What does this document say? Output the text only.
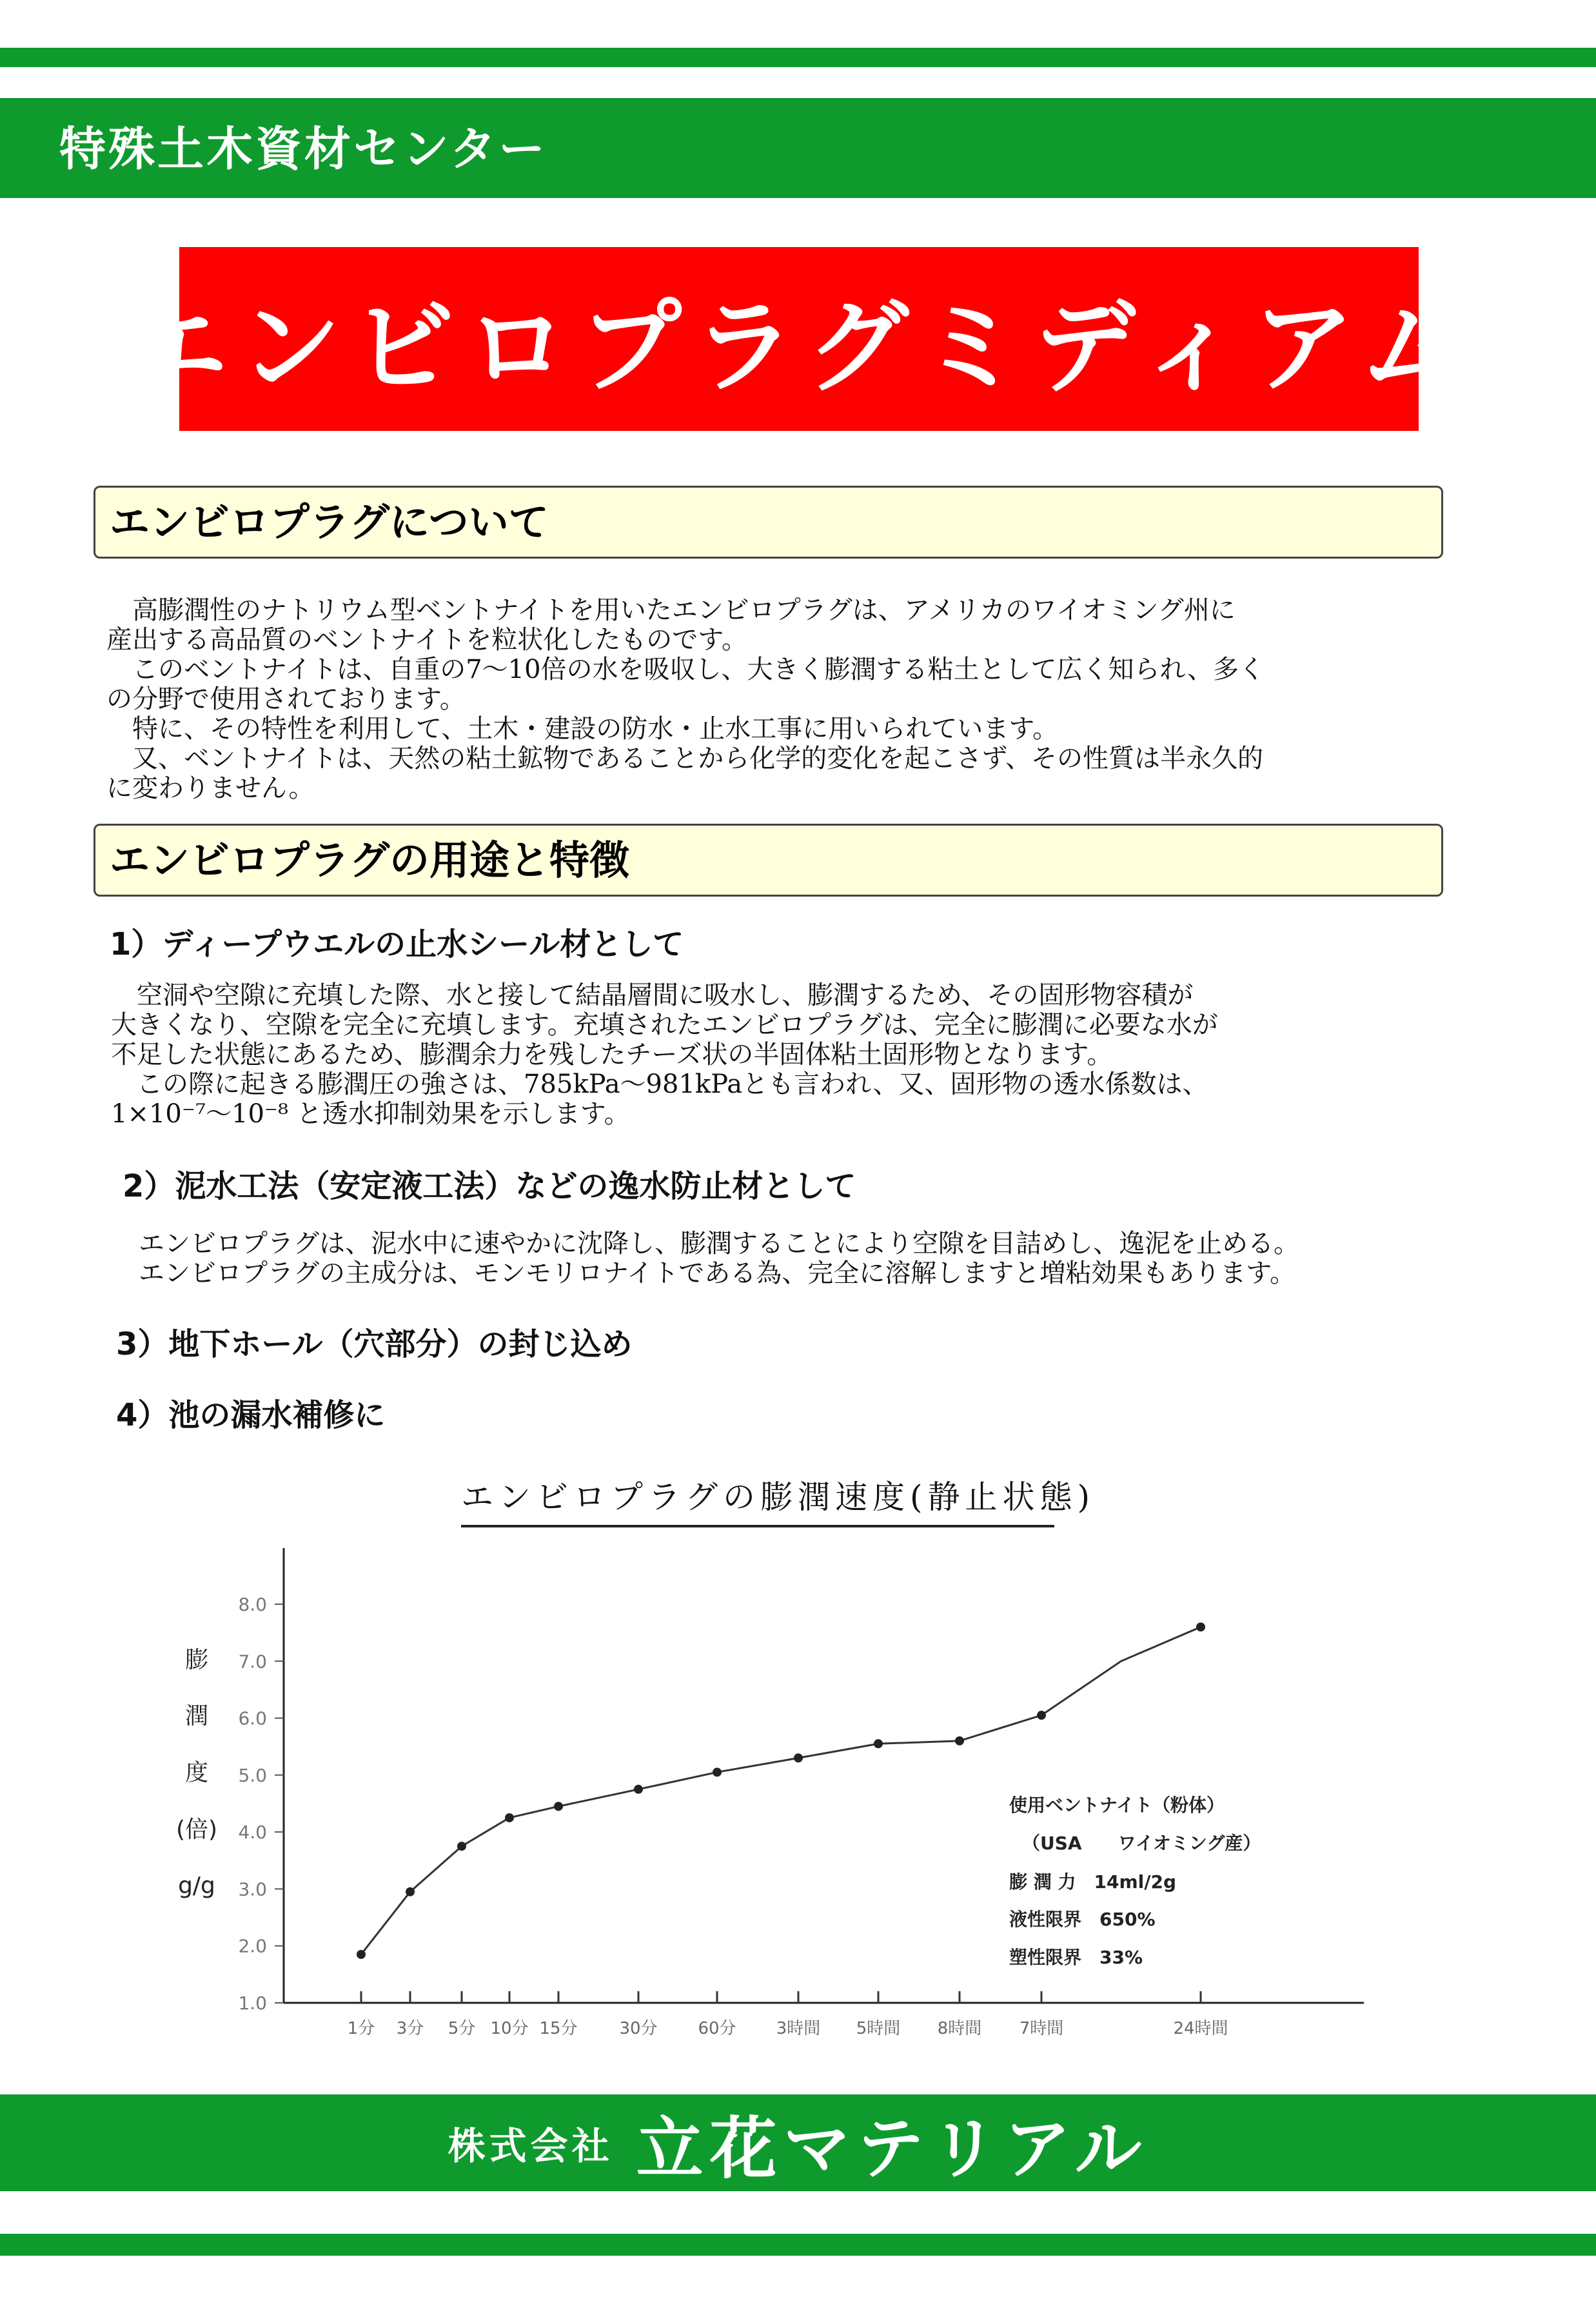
特殊土木資材センター
エンビロプラグミディアム
エンビロプラグについて
　高膨潤性のナトリウム型ベントナイトを用いたエンビロプラグは、アメリカのワイオミング州に
産出する高品質のベントナイトを粒状化したものです。
　このベントナイトは、自重の7〜10倍の水を吸収し、大きく膨潤する粘土として広く知られ、多く
の分野で使用されております。
　特に、その特性を利用して、土木・建設の防水・止水工事に用いられています。
　又、ベントナイトは、天然の粘土鉱物であることから化学的変化を起こさず、その性質は半永久的
に変わりません。
エンビロプラグの用途と特徴
1）ディープウエルの止水シール材として
　空洞や空隙に充填した際、水と接して結晶層間に吸水し、膨潤するため、その固形物容積が
大きくなり、空隙を完全に充填します。充填されたエンビロプラグは、完全に膨潤に必要な水が
不足した状態にあるため、膨潤余力を残したチーズ状の半固体粘土固形物となります。
　この際に起きる膨潤圧の強さは、785kPa〜981kPaとも言われ、又、固形物の透水係数は、
1×10⁻⁷〜10⁻⁸ と透水抑制効果を示します。
2）泥水工法（安定液工法）などの逸水防止材として
エンビロプラグは、泥水中に速やかに沈降し、膨潤することにより空隙を目詰めし、逸泥を止める。
エンビロプラグの主成分は、モンモリロナイトである為、完全に溶解しますと増粘効果もあります。
3）地下ホール（穴部分）の封じ込め
4）池の漏水補修に
エンビロプラグの膨潤速度(静止状態)
8.0
7.0
6.0
5.0
4.0
3.0
2.0
1.0
膨
潤
度
(倍)
g/g
1分 3分 5分 10分 15分 30分 60分 3時間 5時間 8時間 7時間	24時間
使用ベントナイト（粉体）
（USA　　ワイオミング産）
膨 潤 力　14ml/2g
液性限界　650%
塑性限界　33%
株式会社 立花マテリアル
